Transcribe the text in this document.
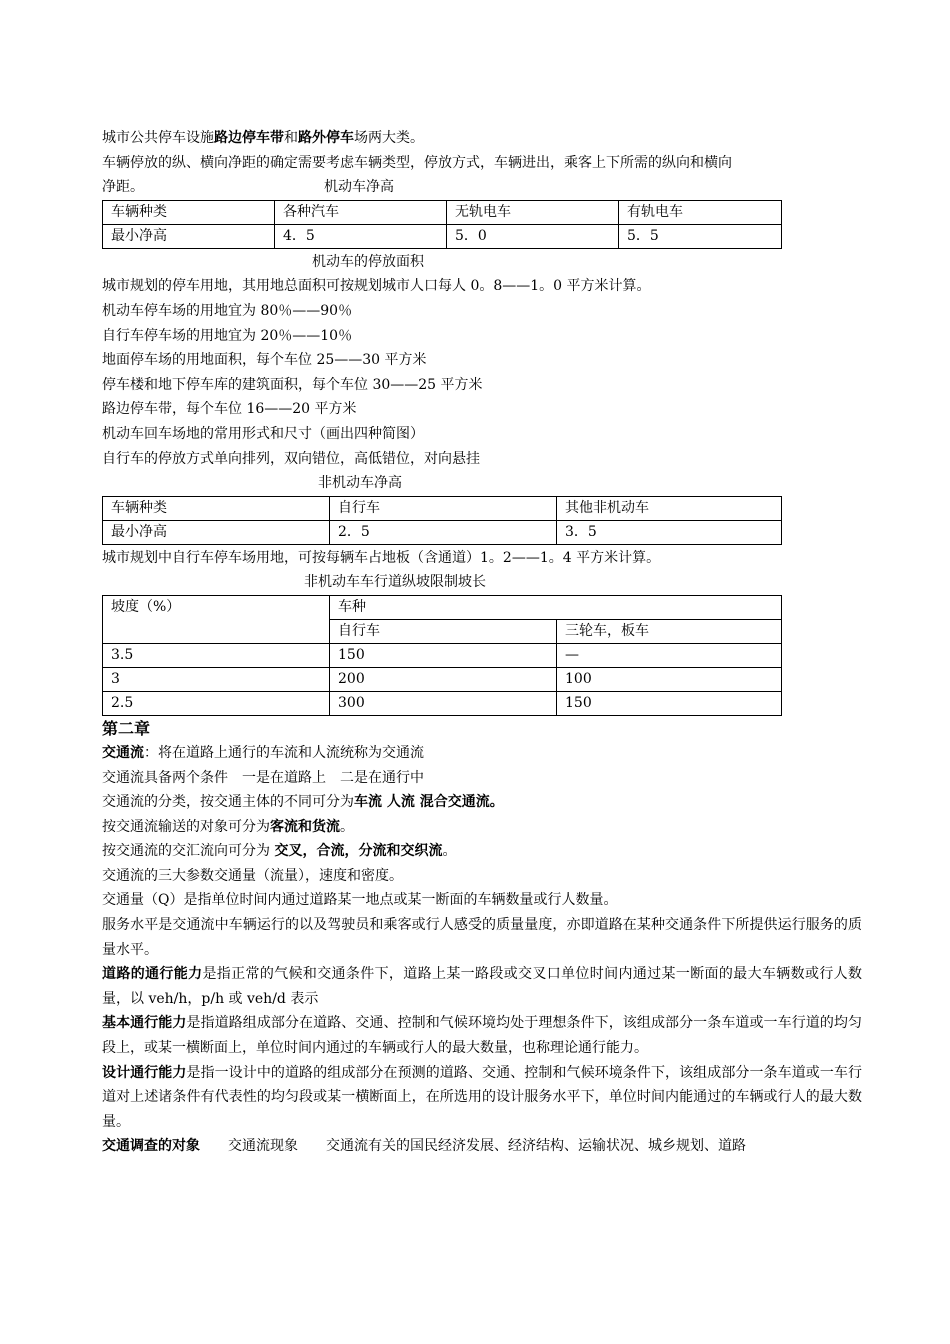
城市公共停车设施路边停车带和路外停车场两大类。

车辆停放的纵、横向净距的确定需要考虑车辆类型，停放方式，车辆进出，乘客上下所需的纵向和横向

净距。	机动车净高

车辆种类	各种汽车	无轨电车	有轨电车
最小净高	4．5	5．0	5．5

机动车的停放面积

城市规划的停车用地，其用地总面积可按规划城市人口每人 0。8——1。0 平方米计算。

机动车停车场的用地宜为 80％——90％

自行车停车场的用地宜为 20％——10％

地面停车场的用地面积，每个车位 25——30 平方米

停车楼和地下停车库的建筑面积，每个车位 30——25 平方米

路边停车带，每个车位 16——20 平方米

机动车回车场地的常用形式和尺寸（画出四种简图）

自行车的停放方式单向排列，双向错位，高低错位，对向悬挂

非机动车净高

车辆种类	自行车	其他非机动车
最小净高	2．5	3．5

城市规划中自行车停车场用地，可按每辆车占地板（含通道）1。2——1。4 平方米计算。

非机动车车行道纵坡限制坡长

坡度（%）	车种	
	自行车	三轮车，板车
3.5	150	—
3	200	100
2.5	300	150

第二章

交通流：将在道路上通行的车流和人流统称为交通流

交通流具备两个条件　一是在道路上　二是在通行中

交通流的分类，按交通主体的不同可分为车流 人流 混合交通流。

按交通流输送的对象可分为客流和货流。

按交通流的交汇流向可分为 交叉，合流，分流和交织流。

交通流的三大参数交通量（流量），速度和密度。

交通量（Q）是指单位时间内通过道路某一地点或某一断面的车辆数量或行人数量。

服务水平是交通流中车辆运行的以及驾驶员和乘客或行人感受的质量量度，亦即道路在某种交通条件下所提供运行服务的质量水平。

道路的通行能力是指正常的气候和交通条件下，道路上某一路段或交叉口单位时间内通过某一断面的最大车辆数或行人数量，以 veh/h，p/h 或 veh/d 表示

基本通行能力是指道路组成部分在道路、交通、控制和气候环境均处于理想条件下，该组成部分一条车道或一车行道的均匀段上，或某一横断面上，单位时间内通过的车辆或行人的最大数量，也称理论通行能力。

设计通行能力是指一设计中的道路的组成部分在预测的道路、交通、控制和气候环境条件下，该组成部分一条车道或一车行道对上述诸条件有代表性的均匀段或某一横断面上，在所选用的设计服务水平下，单位时间内能通过的车辆或行人的最大数量。

交通调查的对象　　交通流现象　　交通流有关的国民经济发展、经济结构、运输状况、城乡规划、道路
